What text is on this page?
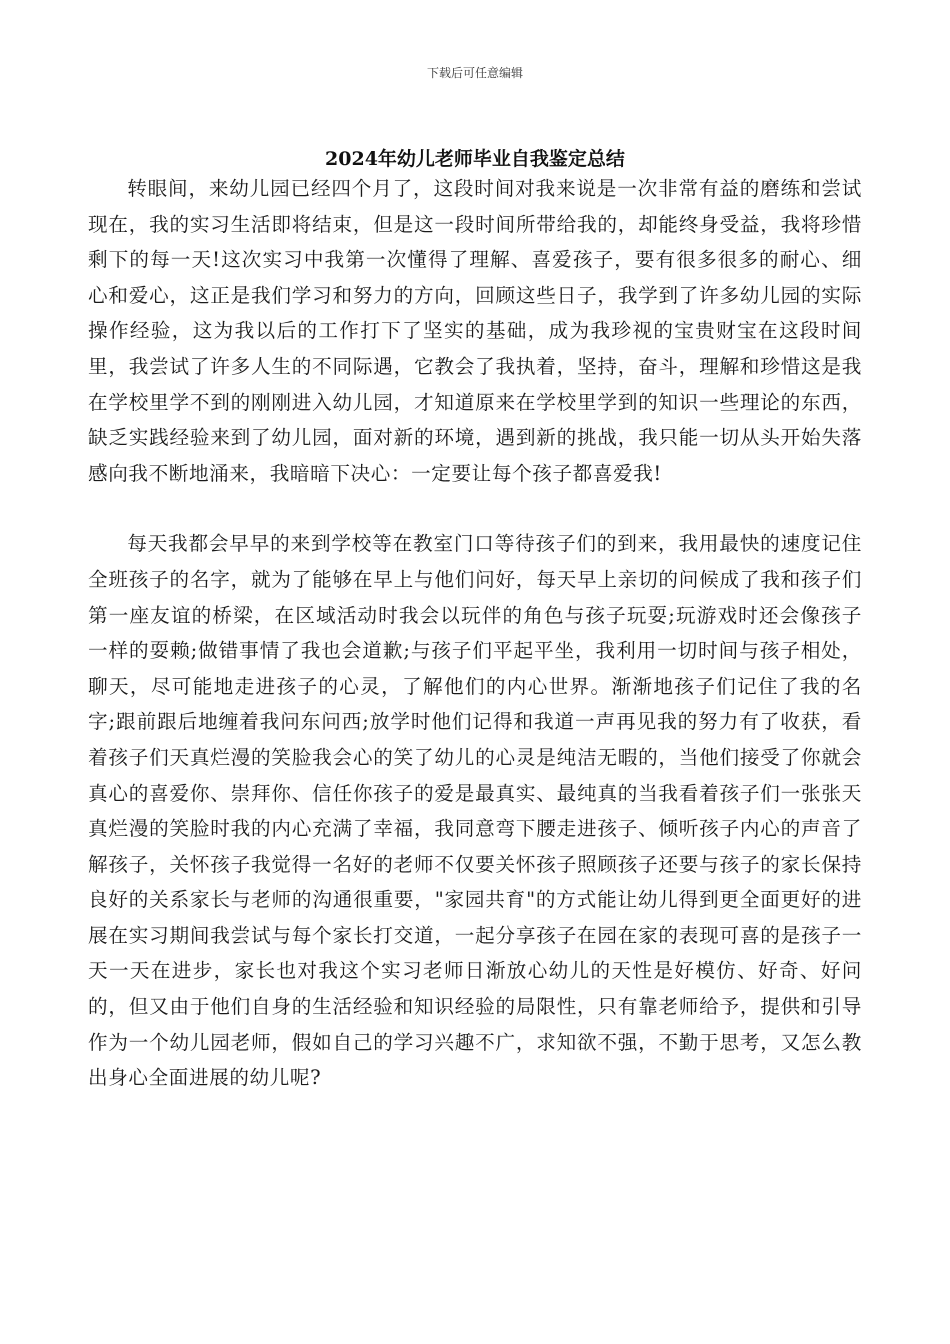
下载后可任意编辑
2024年幼儿老师毕业自我鉴定总结

转眼间，来幼儿园已经四个月了，这段时间对我来说是一次非常有益的磨练和尝试现在，我的实习生活即将结束，但是这一段时间所带给我的，却能终身受益，我将珍惜剩下的每一天!这次实习中我第一次懂得了理解、喜爱孩子，要有很多很多的耐心、细心和爱心，这正是我们学习和努力的方向，回顾这些日子，我学到了许多幼儿园的实际操作经验，这为我以后的工作打下了坚实的基础，成为我珍视的宝贵财宝在这段时间里，我尝试了许多人生的不同际遇，它教会了我执着，坚持，奋斗，理解和珍惜这是我在学校里学不到的刚刚进入幼儿园，才知道原来在学校里学到的知识一些理论的东西，缺乏实践经验来到了幼儿园，面对新的环境，遇到新的挑战，我只能一切从头开始失落感向我不断地涌来，我暗暗下决心：一定要让每个孩子都喜爱我!

每天我都会早早的来到学校等在教室门口等待孩子们的到来，我用最快的速度记住全班孩子的名字，就为了能够在早上与他们问好，每天早上亲切的问候成了我和孩子们第一座友谊的桥梁，在区域活动时我会以玩伴的角色与孩子玩耍;玩游戏时还会像孩子一样的耍赖;做错事情了我也会道歉;与孩子们平起平坐，我利用一切时间与孩子相处，聊天，尽可能地走进孩子的心灵，了解他们的内心世界。渐渐地孩子们记住了我的名字;跟前跟后地缠着我问东问西;放学时他们记得和我道一声再见我的努力有了收获，看着孩子们天真烂漫的笑脸我会心的笑了幼儿的心灵是纯洁无暇的，当他们接受了你就会真心的喜爱你、崇拜你、信任你孩子的爱是最真实、最纯真的当我看着孩子们一张张天真烂漫的笑脸时我的内心充满了幸福，我同意弯下腰走进孩子、倾听孩子内心的声音了解孩子，关怀孩子我觉得一名好的老师不仅要关怀孩子照顾孩子还要与孩子的家长保持良好的关系家长与老师的沟通很重要，"家园共育"的方式能让幼儿得到更全面更好的进展在实习期间我尝试与每个家长打交道，一起分享孩子在园在家的表现可喜的是孩子一天一天在进步，家长也对我这个实习老师日渐放心幼儿的天性是好模仿、好奇、好问的，但又由于他们自身的生活经验和知识经验的局限性，只有靠老师给予，提供和引导作为一个幼儿园老师，假如自己的学习兴趣不广，求知欲不强，不勤于思考，又怎么教出身心全面进展的幼儿呢?
